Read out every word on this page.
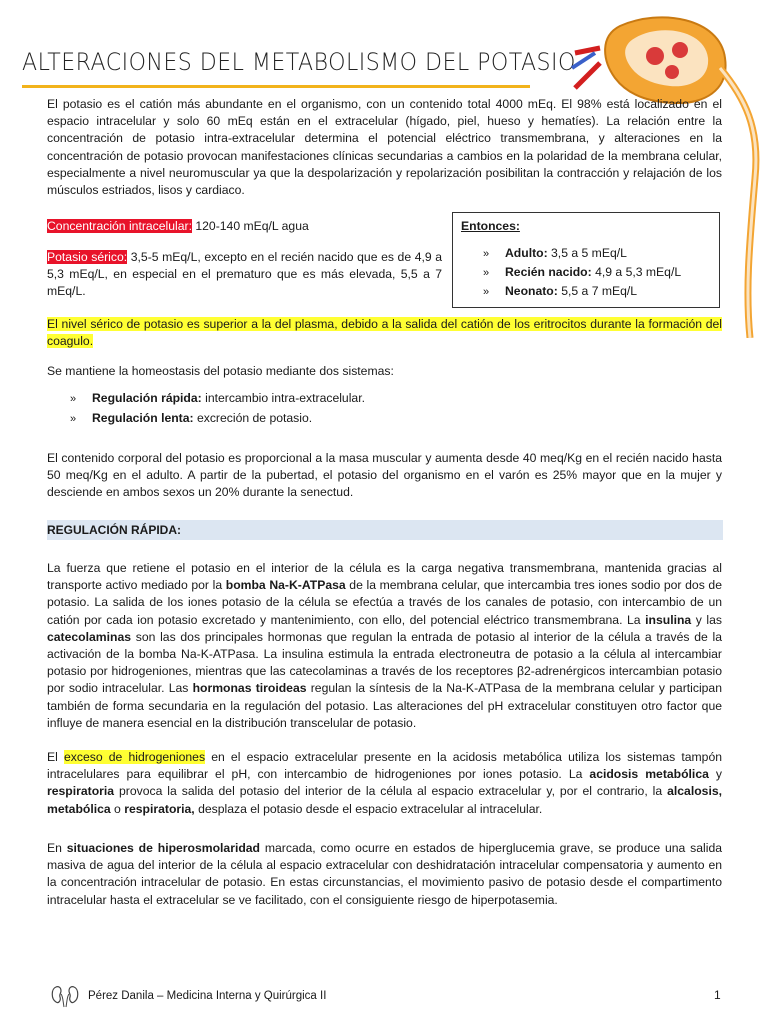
ALTERACIONES DEL METABOLISMO DEL POTASIO

El potasio es el catión más abundante en el organismo, con un contenido total 4000 mEq. El 98% está localizado en el espacio intracelular y solo 60 mEq están en el extracelular (hígado, piel, hueso y hematíes). La relación entre la concentración de potasio intra-extracelular determina el potencial eléctrico transmembrana, y alteraciones en la concentración de potasio provocan manifestaciones clínicas secundarias a cambios en la polaridad de la membrana celular, especialmente a nivel neuromuscular ya que la despolarización y repolarización posibilitan la contracción y relajación de los músculos estriados, lisos y cardiaco.

Concentración intracelular: 120-140 mEq/L agua

Potasio sérico: 3,5-5 mEq/L, excepto en el recién nacido que es de 4,9 a 5,3 mEq/L, en especial en el prematuro que es más elevada, 5,5 a 7 mEq/L.

Entonces:
» Adulto: 3,5 a 5 mEq/L
» Recién nacido: 4,9 a 5,3 mEq/L
» Neonato: 5,5 a 7 mEq/L

El nivel sérico de potasio es superior a la del plasma, debido a la salida del catión de los eritrocitos durante la formación del coagulo.

Se mantiene la homeostasis del potasio mediante dos sistemas:

» Regulación rápida: intercambio intra-extracelular.
» Regulación lenta: excreción de potasio.

El contenido corporal del potasio es proporcional a la masa muscular y aumenta desde 40 meq/Kg en el recién nacido hasta 50 meq/Kg en el adulto. A partir de la pubertad, el potasio del organismo en el varón es 25% mayor que en la mujer y desciende en ambos sexos un 20% durante la senectud.

REGULACIÓN RÁPIDA:

La fuerza que retiene el potasio en el interior de la célula es la carga negativa transmembrana, mantenida gracias al transporte activo mediado por la bomba Na-K-ATPasa de la membrana celular, que intercambia tres iones sodio por dos de potasio. La salida de los iones potasio de la célula se efectúa a través de los canales de potasio, con intercambio de un catión por cada ion potasio excretado y mantenimiento, con ello, del potencial eléctrico transmembrana. La insulina y las catecolaminas son las dos principales hormonas que regulan la entrada de potasio al interior de la célula a través de la activación de la bomba Na-K-ATPasa. La insulina estimula la entrada electroneutra de potasio a la célula al intercambiar potasio por hidrogeniones, mientras que las catecolaminas a través de los receptores β2-adrenérgicos intercambian potasio por sodio intracelular. Las hormonas tiroideas regulan la síntesis de la Na-K-ATPasa de la membrana celular y participan también de forma secundaria en la regulación del potasio. Las alteraciones del pH extracelular constituyen otro factor que influye de manera esencial en la distribución transcelular de potasio.

El exceso de hidrogeniones en el espacio extracelular presente en la acidosis metabólica utiliza los sistemas tampón intracelulares para equilibrar el pH, con intercambio de hidrogeniones por iones potasio. La acidosis metabólica y respiratoria provoca la salida del potasio del interior de la célula al espacio extracelular y, por el contrario, la alcalosis, metabólica o respiratoria, desplaza el potasio desde el espacio extracelular al intracelular.

En situaciones de hiperosmolaridad marcada, como ocurre en estados de hiperglucemia grave, se produce una salida masiva de agua del interior de la célula al espacio extracelular con deshidratación intracelular compensatoria y aumento en la concentración intracelular de potasio. En estas circunstancias, el movimiento pasivo de potasio desde el compartimento intracelular hasta el extracelular se ve facilitado, con el consiguiente riesgo de hiperpotasemia.

Pérez Danila – Medicina Interna y Quirúrgica II	1
